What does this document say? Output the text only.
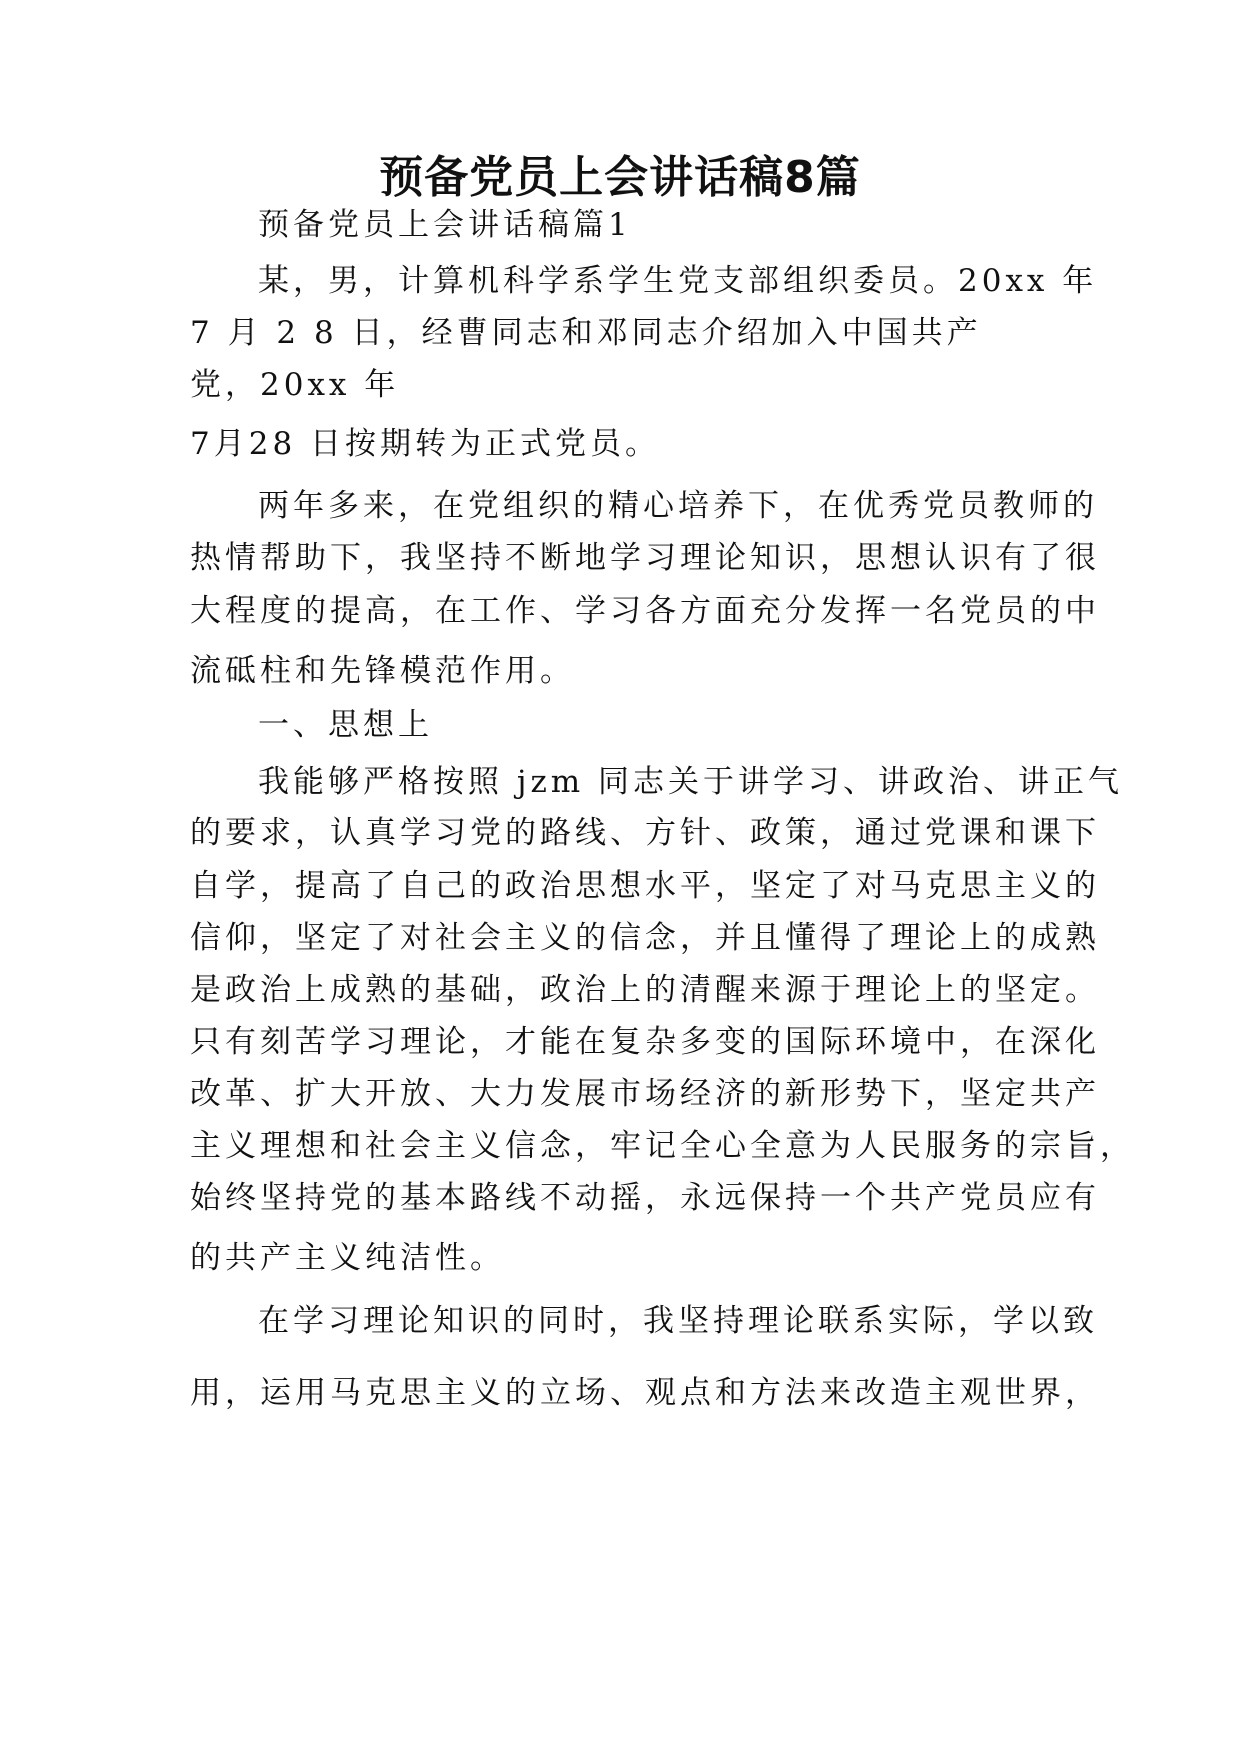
预备党员上会讲话稿8篇
预备党员上会讲话稿篇1
某，男，计算机科学系学生党支部组织委员。20xx 年
7 月 2 8 日，经曹同志和邓同志介绍加入中国共产
党，20xx 年
7月28 日按期转为正式党员。
两年多来，在党组织的精心培养下，在优秀党员教师的
热情帮助下，我坚持不断地学习理论知识，思想认识有了很
大程度的提高，在工作、学习各方面充分发挥一名党员的中
流砥柱和先锋模范作用。
一、思想上
我能够严格按照 jzm 同志关于讲学习、讲政治、讲正气
的要求，认真学习党的路线、方针、政策，通过党课和课下
自学，提高了自己的政治思想水平，坚定了对马克思主义的
信仰，坚定了对社会主义的信念，并且懂得了理论上的成熟
是政治上成熟的基础，政治上的清醒来源于理论上的坚定。
只有刻苦学习理论，才能在复杂多变的国际环境中，在深化
改革、扩大开放、大力发展市场经济的新形势下，坚定共产
主义理想和社会主义信念，牢记全心全意为人民服务的宗旨，
始终坚持党的基本路线不动摇，永远保持一个共产党员应有
的共产主义纯洁性。
在学习理论知识的同时，我坚持理论联系实际，学以致
用，运用马克思主义的立场、观点和方法来改造主观世界，
